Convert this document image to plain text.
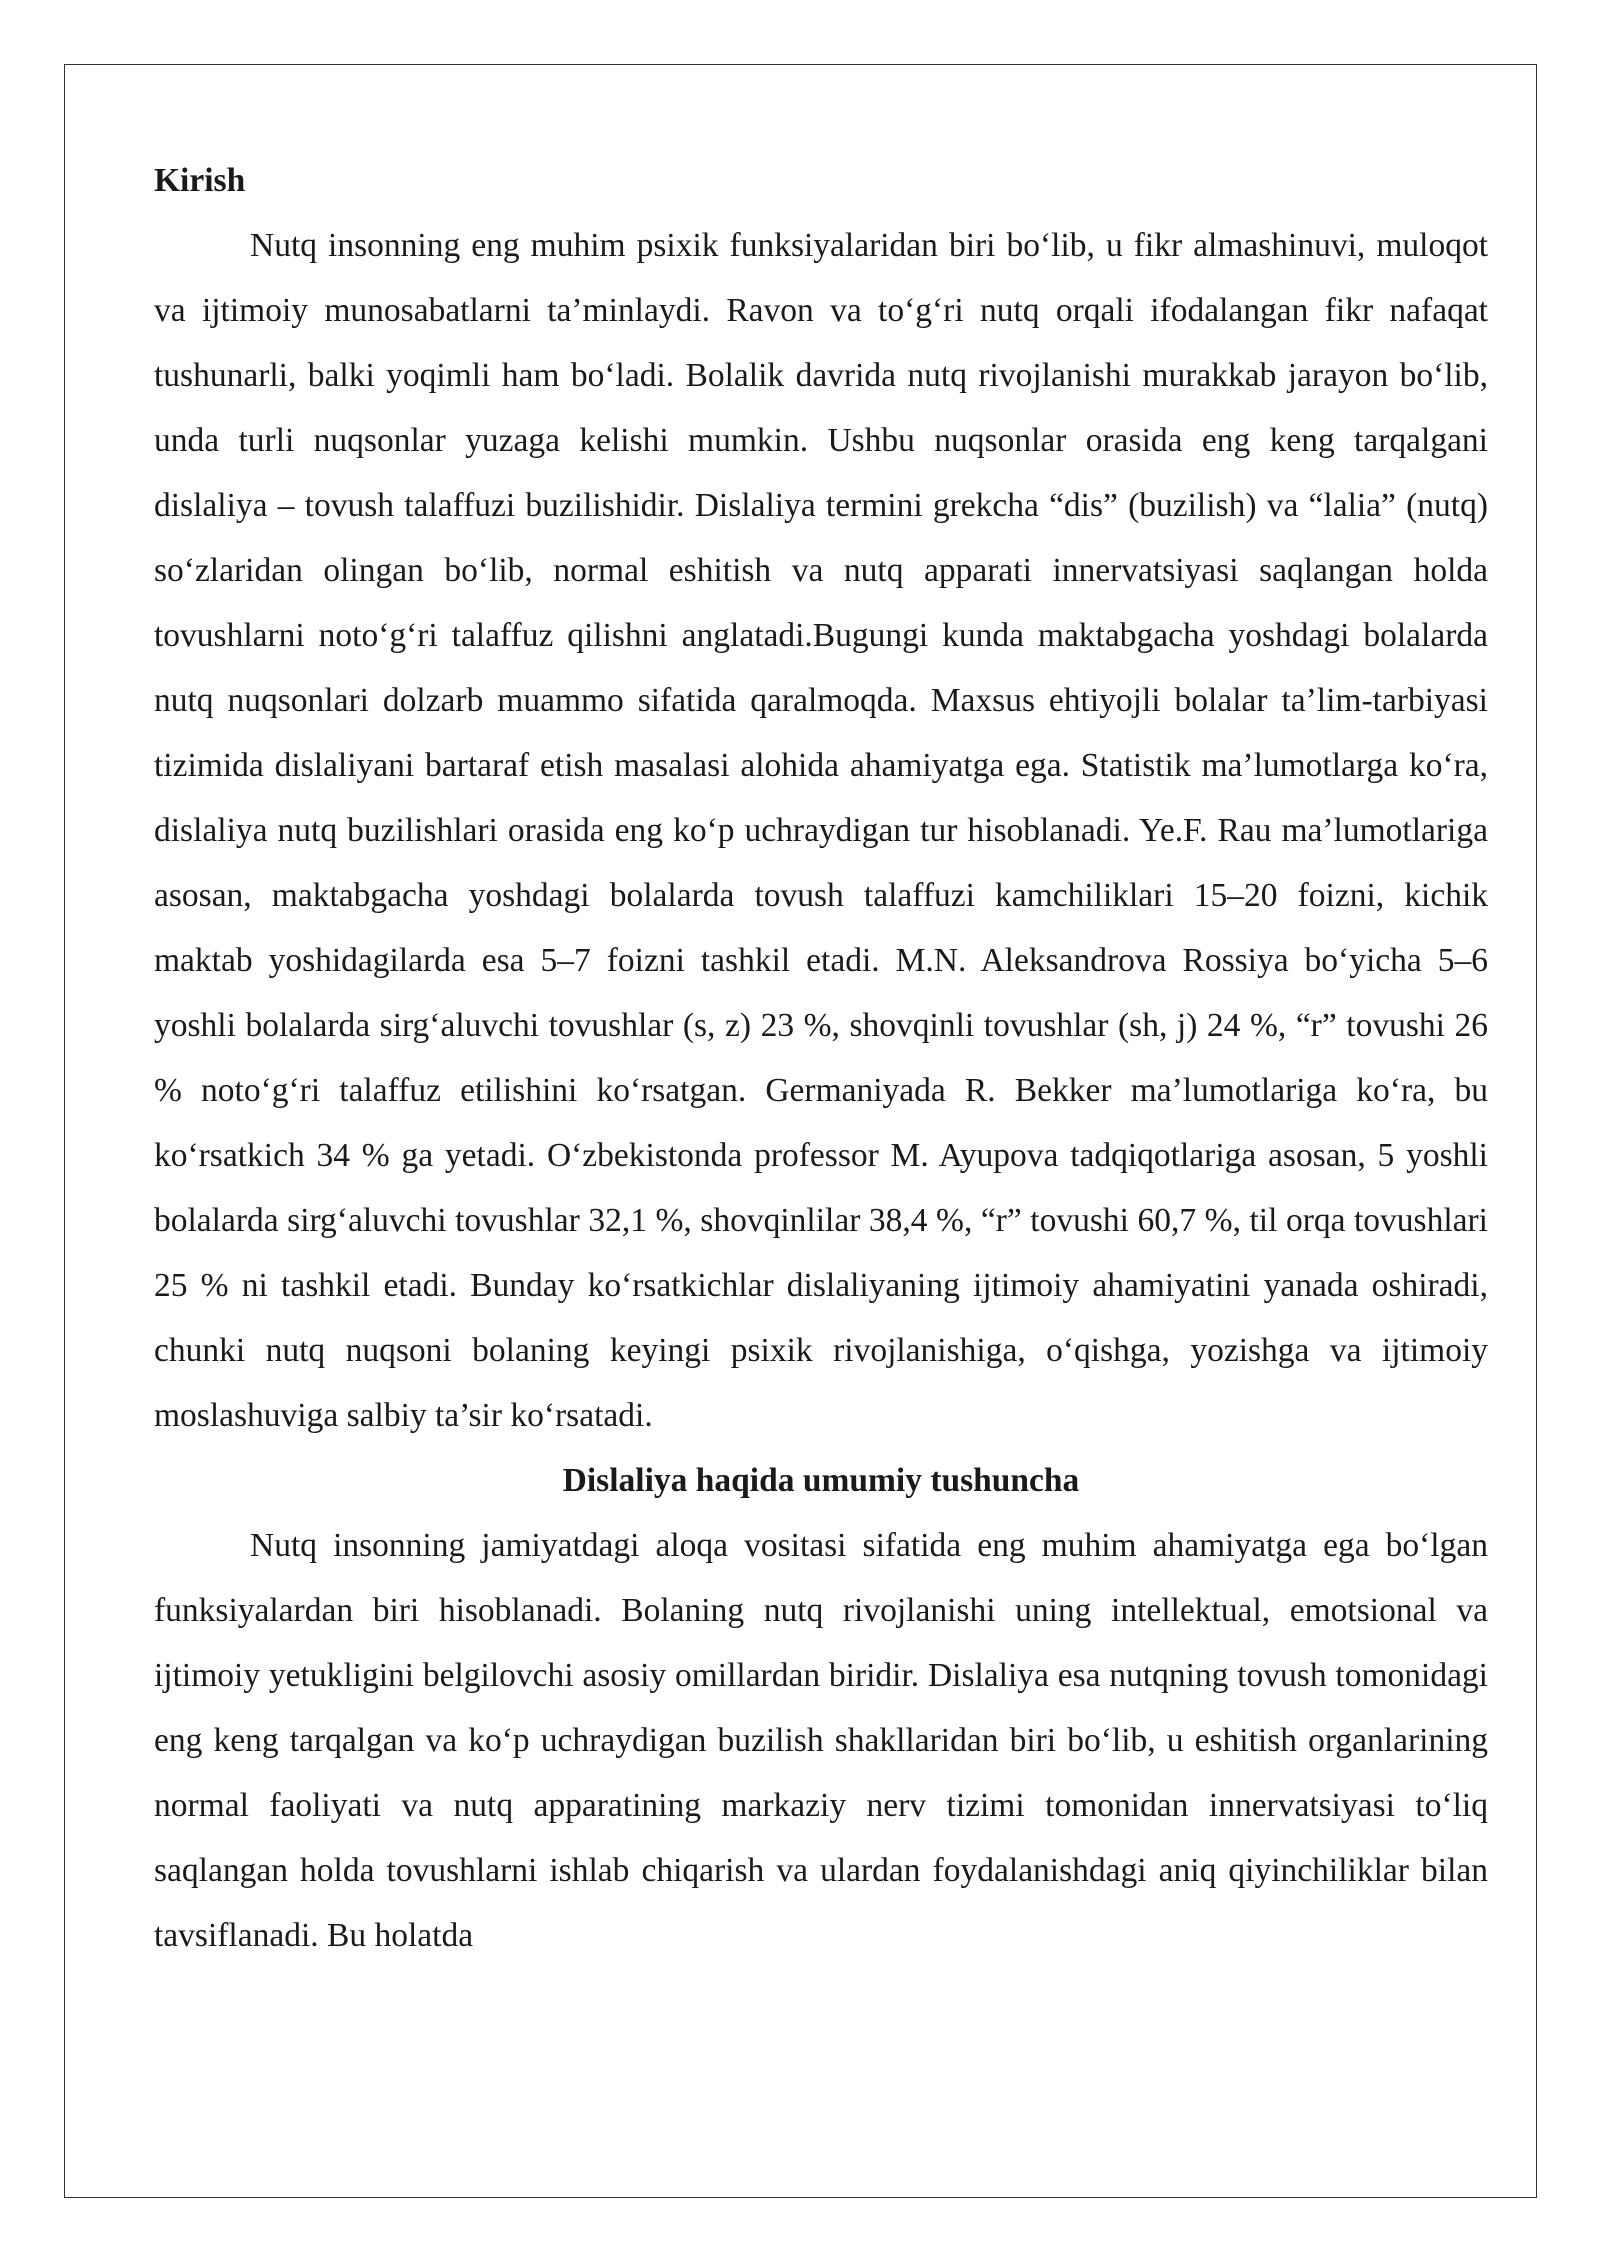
Kirish

Nutq insonning eng muhim psixik funksiyalaridan biri bo‘lib, u fikr almashinuvi, muloqot va ijtimoiy munosabatlarni ta’minlaydi. Ravon va to‘g‘ri nutq orqali ifodalangan fikr nafaqat tushunarli, balki yoqimli ham bo‘ladi. Bolalik davrida nutq rivojlanishi murakkab jarayon bo‘lib, unda turli nuqsonlar yuzaga kelishi mumkin. Ushbu nuqsonlar orasida eng keng tarqalgani dislaliya – tovush talaffuzi buzilishidir. Dislaliya termini grekcha “dis” (buzilish) va “lalia” (nutq) so‘zlaridan olingan bo‘lib, normal eshitish va nutq apparati innervatsiyasi saqlangan holda tovushlarni noto‘g‘ri talaffuz qilishni anglatadi.Bugungi kunda maktabgacha yoshdagi bolalarda nutq nuqsonlari dolzarb muammo sifatida qaralmoqda. Maxsus ehtiyojli bolalar ta’lim-tarbiyasi tizimida dislaliyani bartaraf etish masalasi alohida ahamiyatga ega. Statistik ma’lumotlarga ko‘ra, dislaliya nutq buzilishlari orasida eng ko‘p uchraydigan tur hisoblanadi. Ye.F. Rau ma’lumotlariga asosan, maktabgacha yoshdagi bolalarda tovush talaffuzi kamchiliklari 15–20 foizni, kichik maktab yoshidagilarda esa 5–7 foizni tashkil etadi. M.N. Aleksandrova Rossiya bo‘yicha 5–6 yoshli bolalarda sirg‘aluvchi tovushlar (s, z) 23 %, shovqinli tovushlar (sh, j) 24 %, “r” tovushi 26 % noto‘g‘ri talaffuz etilishini ko‘rsatgan. Germaniyada R. Bekker ma’lumotlariga ko‘ra, bu ko‘rsatkich 34 % ga yetadi. O‘zbekistonda professor M. Ayupova tadqiqotlariga asosan, 5 yoshli bolalarda sirg‘aluvchi tovushlar 32,1 %, shovqinlilar 38,4 %, “r” tovushi 60,7 %, til orqa tovushlari 25 % ni tashkil etadi. Bunday ko‘rsatkichlar dislaliyaning ijtimoiy ahamiyatini yanada oshiradi, chunki nutq nuqsoni bolaning keyingi psixik rivojlanishiga, o‘qishga, yozishga va ijtimoiy moslashuviga salbiy ta’sir ko‘rsatadi.

Dislaliya haqida umumiy tushuncha

Nutq insonning jamiyatdagi aloqa vositasi sifatida eng muhim ahamiyatga ega bo‘lgan funksiyalardan biri hisoblanadi. Bolaning nutq rivojlanishi uning intellektual, emotsional va ijtimoiy yetukligini belgilovchi asosiy omillardan biridir. Dislaliya esa nutqning tovush tomonidagi eng keng tarqalgan va ko‘p uchraydigan buzilish shakllaridan biri bo‘lib, u eshitish organlarining normal faoliyati va nutq apparatining markaziy nerv tizimi tomonidan innervatsiyasi to‘liq saqlangan holda tovushlarni ishlab chiqarish va ulardan foydalanishdagi aniq qiyinchiliklar bilan tavsiflanadi. Bu holatda
